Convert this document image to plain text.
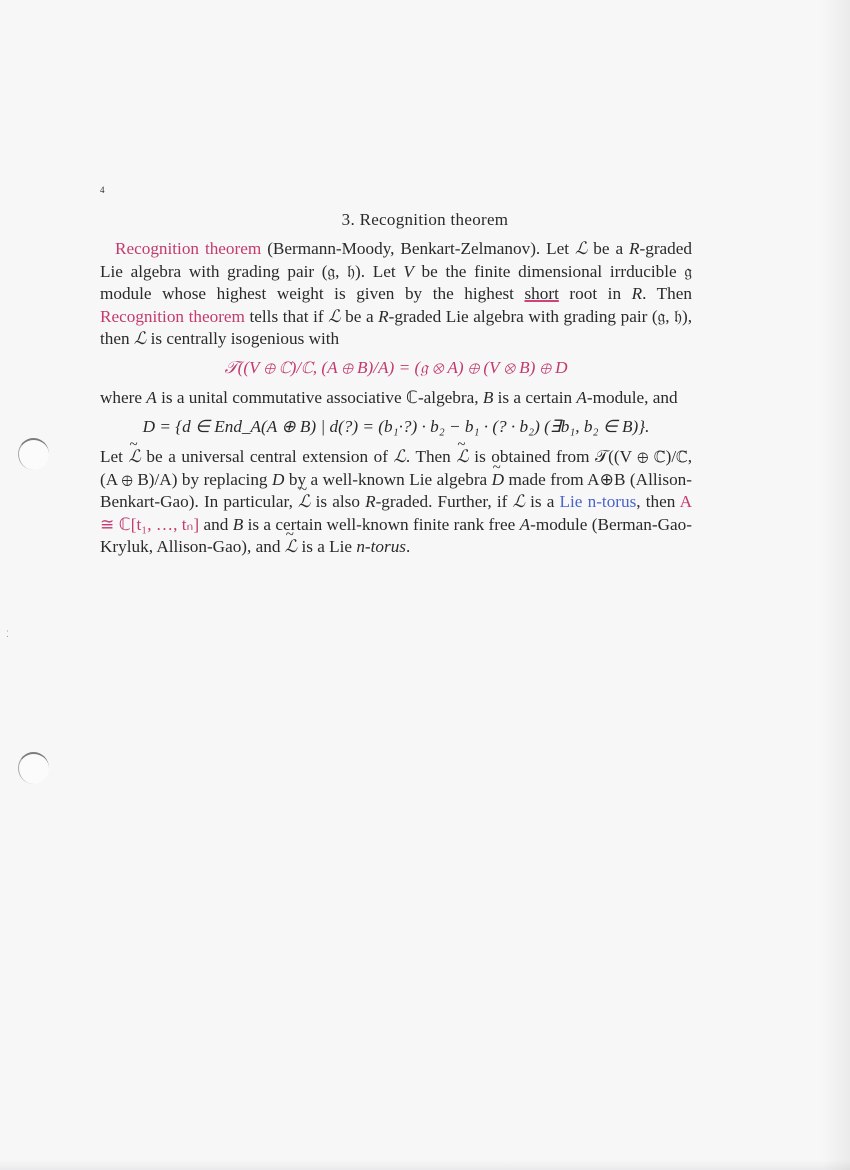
⁚
4
3. Recognition theorem

Recognition theorem (Bermann-Moody, Benkart-Zelmanov). Let ℒ be a R-graded Lie algebra with grading pair (𝔤, 𝔥). Let V be the finite dimensional irrducible 𝔤 module whose highest weight is given by the highest short root in R. Then Recognition theorem tells that if ℒ be a R-graded Lie algebra with grading pair (𝔤, 𝔥), then ℒ is centrally isogenious with

𝒯((V ⊕ ℂ)/ℂ, (A ⊕ B)/A) = (𝔤 ⊗ A) ⊕ (V ⊗ B) ⊕ D

where A is a unital commutative associative ℂ-algebra, B is a certain A-module, and

D = {d ∈ End_A(A ⊕ B) | d(?) = (b₁·?) · b₂ − b₁ · (? · b₂) (∃b₁, b₂ ∈ B)}.

Let ~ ℒ be a universal central extension of ℒ. Then ~ ℒ is obtained from 𝒯((V ⊕ ℂ)/ℂ, (A ⊕ B)/A) by replacing D by a well-known Lie algebra ~ D made from A⊕B (Allison-Benkart-Gao). In particular, ~ ℒ is also R-graded. Further, if ℒ is a Lie n-torus, then A ≅ ℂ[t₁, …, tₙ] and B is a certain well-known finite rank free A-module (Berman-Gao-Kryluk, Allison-Gao), and ~ ℒ is a Lie n-torus.
